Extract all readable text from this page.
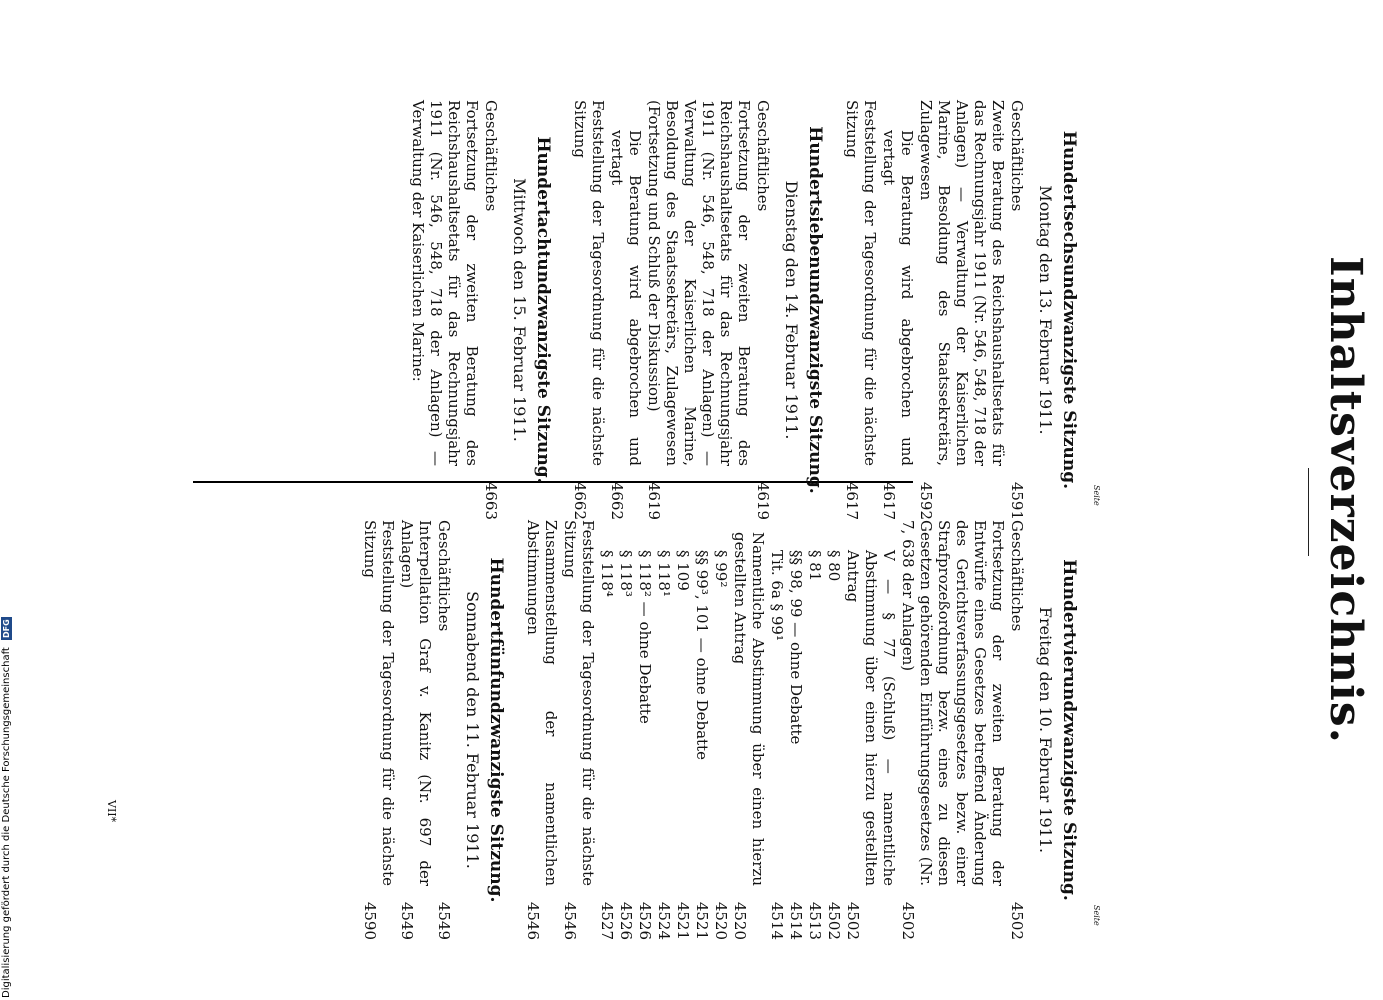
Inhaltsverzeichnis.
Seite
Seite
Hundertvierundzwanzigste Sitzung.
Freitag den 10. Februar 1911.
Geschäftliches
4502
Fortsetzung der zweiten Beratung der Entwürfe eines Gesetzes betreffend Änderung des Gerichtsverfassungsgesetzes bezw. einer Strafprozeßordnung bezw. eines zu diesen Gesetzen gehörenden Einführungsgesetzes (Nr. 7, 638 der Anlagen)
4502
V — § 77 (Schluß) — namentliche Abstimmung über einen hierzu gestellten Antrag
4502
§ 80
4502
§ 81
4513
§§ 98, 99 — ohne Debatte
4514
Tit. 6a § 99¹
4514
Namentliche Abstimmung über einen hierzu gestellten Antrag
4520
§ 99²
4520
§§ 99³, 101 — ohne Debatte
4521
§ 109
4521
§ 118¹
4524
§ 118² — ohne Debatte
4526
§ 118³
4526
§ 118⁴
4527
Feststellung der Tagesordnung für die nächste Sitzung
4546
Zusammenstellung der namentlichen Abstimmungen
4546
Hundertfünfundzwanzigste Sitzung.
Sonnabend den 11. Februar 1911.
Geschäftliches
4549
Interpellation Graf v. Kanitz (Nr. 697 der Anlagen)
4549
Feststellung der Tagesordnung für die nächste Sitzung
4590
Hundertsechsundzwanzigste Sitzung.
Montag den 13. Februar 1911.
Geschäftliches
4591
Zweite Beratung des Reichshaushaltsetats für das Rechnungsjahr 1911 (Nr. 546, 548, 718 der Anlagen) — Verwaltung der Kaiserlichen Marine, Besoldung des Staatssekretärs, Zulagewesen
4592
Die Beratung wird abgebrochen und vertagt
4617
Feststellung der Tagesordnung für die nächste Sitzung
4617
Hundertsiebenundzwanzigste Sitzung.
Dienstag den 14. Februar 1911.
Geschäftliches
4619
Fortsetzung der zweiten Beratung des Reichshaushaltsetats für das Rechnungsjahr 1911 (Nr. 546, 548, 718 der Anlagen) — Verwaltung der Kaiserlichen Marine, Besoldung des Staatssekretärs, Zulagewesen (Fortsetzung und Schluß der Diskussion)
4619
Die Beratung wird abgebrochen und vertagt
4662
Feststellung der Tagesordnung für die nächste Sitzung
4662
Hundertachtundzwanzigste Sitzung.
Mittwoch den 15. Februar 1911.
Geschäftliches
4663
Fortsetzung der zweiten Beratung des Reichshaushaltsetats für das Rechnungsjahr 1911 (Nr. 546, 548, 718 der Anlagen) — Verwaltung der Kaiserlichen Marine:
VII*
Digitalisierung gefördert durch die Deutsche Forschungsgemeinschaft DFG
